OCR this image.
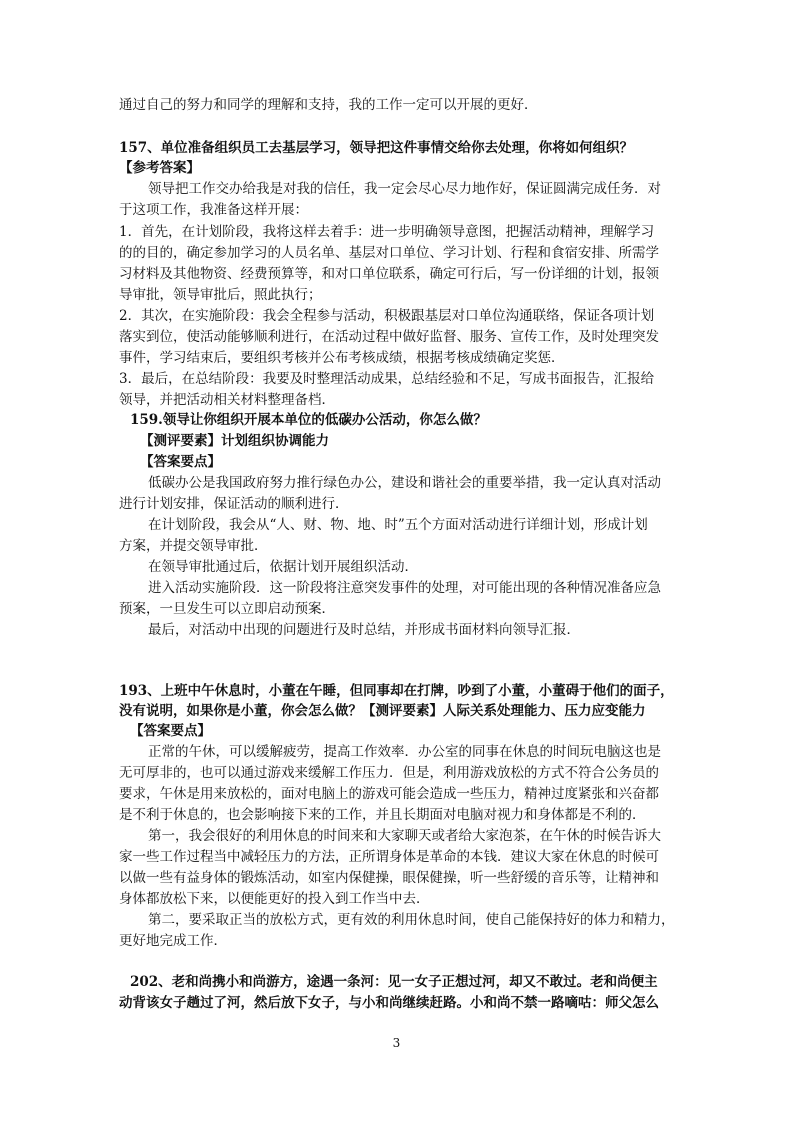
通过自己的努力和同学的理解和支持，我的工作一定可以开展的更好．
157、单位准备组织员工去基层学习，领导把这件事情交给你去处理，你将如何组织？
【参考答案】
领导把工作交办给我是对我的信任，我一定会尽心尽力地作好，保证圆满完成任务．对
于这项工作，我准备这样开展：
1．首先，在计划阶段，我将这样去着手：进一步明确领导意图，把握活动精神，理解学习
的的目的，确定参加学习的人员名单、基层对口单位、学习计划、行程和食宿安排、所需学
习材料及其他物资、经费预算等，和对口单位联系，确定可行后，写一份详细的计划，报领
导审批，领导审批后，照此执行；
2．其次，在实施阶段：我会全程参与活动，积极跟基层对口单位沟通联络，保证各项计划
落实到位，使活动能够顺利进行，在活动过程中做好监督、服务、宣传工作，及时处理突发
事件，学习结束后，要组织考核并公布考核成绩，根据考核成绩确定奖惩．
3．最后，在总结阶段：我要及时整理活动成果，总结经验和不足，写成书面报告，汇报给
领导，并把活动相关材料整理备档．
159.领导让你组织开展本单位的低碳办公活动，你怎么做？
【测评要素】计划组织协调能力
【答案要点】
低碳办公是我国政府努力推行绿色办公，建设和谐社会的重要举措，我一定认真对活动
进行计划安排，保证活动的顺利进行．
在计划阶段，我会从“人、财、物、地、时”五个方面对活动进行详细计划，形成计划
方案，并提交领导审批．
在领导审批通过后，依据计划开展组织活动．
进入活动实施阶段．这一阶段将注意突发事件的处理，对可能出现的各种情况准备应急
预案，一旦发生可以立即启动预案．
最后，对活动中出现的问题进行及时总结，并形成书面材料向领导汇报．
193、上班中午休息时，小董在午睡，但同事却在打牌，吵到了小董，小董碍于他们的面子，
没有说明，如果你是小董，你会怎么做？【测评要素】人际关系处理能力、压力应变能力
【答案要点】
正常的午休，可以缓解疲劳，提高工作效率．办公室的同事在休息的时间玩电脑这也是
无可厚非的，也可以通过游戏来缓解工作压力．但是，利用游戏放松的方式不符合公务员的
要求，午休是用来放松的，面对电脑上的游戏可能会造成一些压力，精神过度紧张和兴奋都
是不利于休息的，也会影响接下来的工作，并且长期面对电脑对视力和身体都是不利的．
第一，我会很好的利用休息的时间来和大家聊天或者给大家泡茶，在午休的时候告诉大
家一些工作过程当中减轻压力的方法，正所谓身体是革命的本钱．建议大家在休息的时候可
以做一些有益身体的锻炼活动，如室内保健操，眼保健操，听一些舒缓的音乐等，让精神和
身体都放松下来，以便能更好的投入到工作当中去．
第二，要采取正当的放松方式，更有效的利用休息时间，使自己能保持好的体力和精力，
更好地完成工作．
202、老和尚携小和尚游方，途遇一条河：见一女子正想过河，却又不敢过。老和尚便主
动背该女子趟过了河，然后放下女子，与小和尚继续赶路。小和尚不禁一路嘀咕：师父怎么
3
